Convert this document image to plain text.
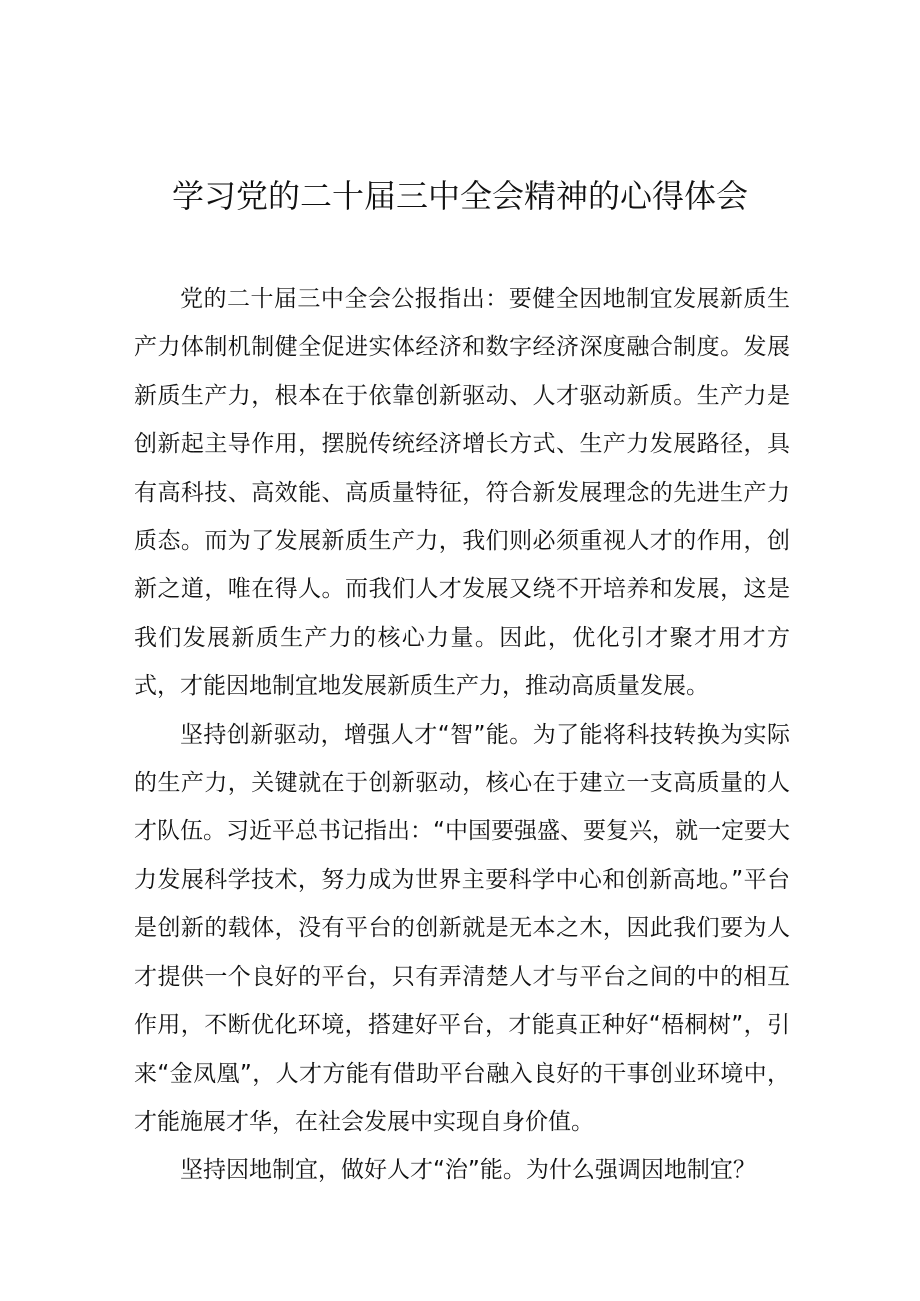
学习党的二十届三中全会精神的心得体会

党的二十届三中全会公报指出：要健全因地制宜发展新质生产力体制机制健全促进实体经济和数字经济深度融合制度。发展新质生产力，根本在于依靠创新驱动、人才驱动新质。生产力是创新起主导作用，摆脱传统经济增长方式、生产力发展路径，具有高科技、高效能、高质量特征，符合新发展理念的先进生产力质态。而为了发展新质生产力，我们则必须重视人才的作用，创新之道，唯在得人。而我们人才发展又绕不开培养和发展，这是我们发展新质生产力的核心力量。因此，优化引才聚才用才方式，才能因地制宜地发展新质生产力，推动高质量发展。

坚持创新驱动，增强人才“智”能。为了能将科技转换为实际的生产力，关键就在于创新驱动，核心在于建立一支高质量的人才队伍。习近平总书记指出：“中国要强盛、要复兴，就一定要大力发展科学技术，努力成为世界主要科学中心和创新高地。”平台是创新的载体，没有平台的创新就是无本之木，因此我们要为人才提供一个良好的平台，只有弄清楚人才与平台之间的中的相互作用，不断优化环境，搭建好平台，才能真正种好“梧桐树”，引来“金凤凰”，人才方能有借助平台融入良好的干事创业环境中，才能施展才华，在社会发展中实现自身价值。

坚持因地制宜，做好人才“治”能。为什么强调因地制宜？
